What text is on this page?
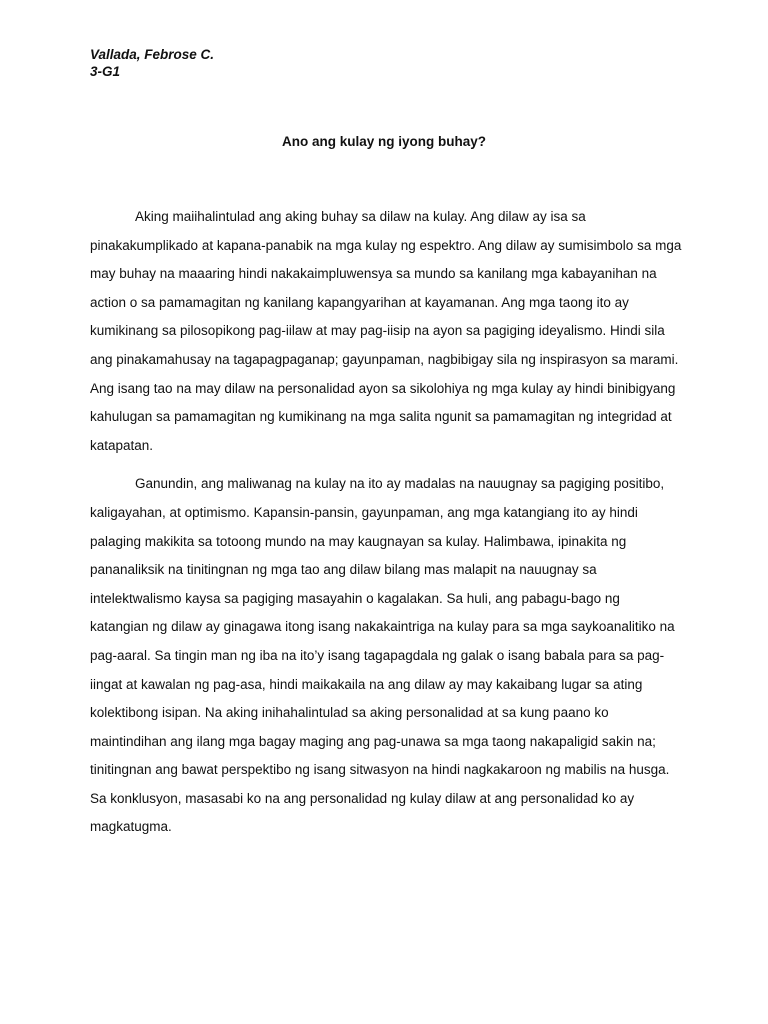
Vallada, Febrose C.
3-G1
Ano ang kulay ng iyong buhay?

Aking maiihalintulad ang aking buhay sa dilaw na kulay. Ang dilaw ay isa sa pinakakumplikado at kapana-panabik na mga kulay ng espektro. Ang dilaw ay sumisimbolo sa mga may buhay na maaaring hindi nakakaimpluwensya sa mundo sa kanilang mga kabayanihan na action o sa pamamagitan ng kanilang kapangyarihan at kayamanan. Ang mga taong ito ay kumikinang sa pilosopikong pag-iilaw at may pag-iisip na ayon sa pagiging ideyalismo. Hindi sila ang pinakamahusay na tagapagpaganap; gayunpaman, nagbibigay sila ng inspirasyon sa marami. Ang isang tao na may dilaw na personalidad ayon sa sikolohiya ng mga kulay ay hindi binibigyang kahulugan sa pamamagitan ng kumikinang na mga salita ngunit sa pamamagitan ng integridad at katapatan.

Ganundin, ang maliwanag na kulay na ito ay madalas na nauugnay sa pagiging positibo, kaligayahan, at optimismo. Kapansin-pansin, gayunpaman, ang mga katangiang ito ay hindi palaging makikita sa totoong mundo na may kaugnayan sa kulay. Halimbawa, ipinakita ng pananaliksik na tinitingnan ng mga tao ang dilaw bilang mas malapit na nauugnay sa intelektwalismo kaysa sa pagiging masayahin o kagalakan. Sa huli, ang pabagu-bago ng katangian ng dilaw ay ginagawa itong isang nakakaintriga na kulay para sa mga saykoanalitiko na pag-aaral. Sa tingin man ng iba na ito’y isang tagapagdala ng galak o isang babala para sa pag-iingat at kawalan ng pag-asa, hindi maikakaila na ang dilaw ay may kakaibang lugar sa ating kolektibong isipan. Na aking inihahalintulad sa aking personalidad at sa kung paano ko maintindihan ang ilang mga bagay maging ang pag-unawa sa mga taong nakapaligid sakin na; tinitingnan ang bawat perspektibo ng isang sitwasyon na hindi nagkakaroon ng mabilis na husga. Sa konklusyon, masasabi ko na ang personalidad ng kulay dilaw at ang personalidad ko ay magkatugma.
